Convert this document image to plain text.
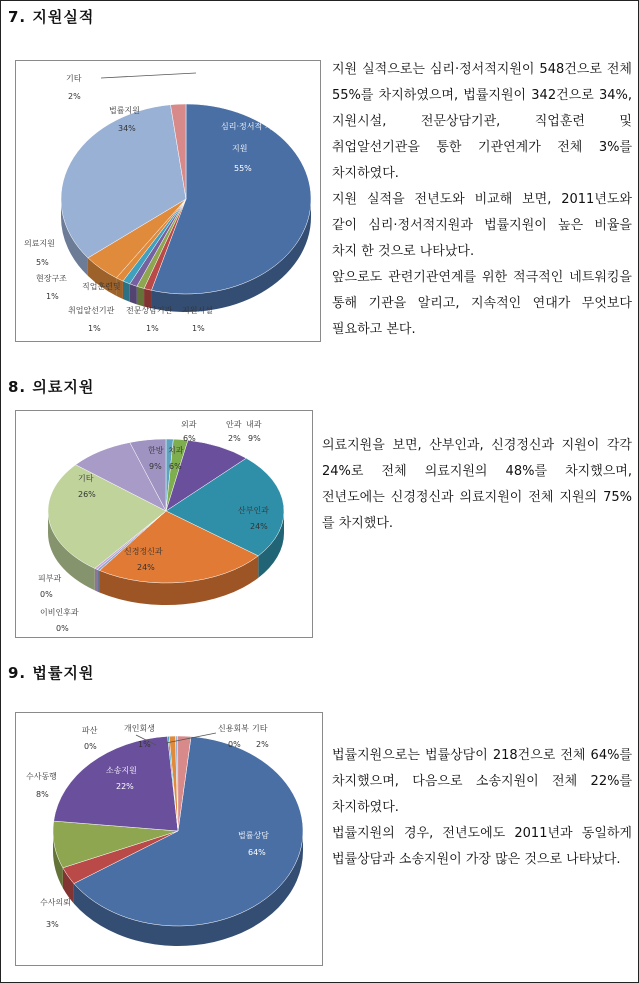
7. 지원실적
기타
2%
법률지원
34%	심리·정서적 지원
지원
55%
의료지원
5%
현장구조
1%
직업훈련및
취업알선기관
1%
전문상담기관
1%
지원시설
1%

지원 실적으로는 심리·정서적지원이 548건으로 전체 55%를 차지하였으며, 법률지원이 342건으로 34%, 지원시설, 전문상담기관, 직업훈련 및 취업알선기관을 통한 기관연계가 전체 3%를 차지하였다.

지원 실적을 전년도와 비교해 보면, 2011년도와 같이 심리·정서적지원과 법률지원이 높은 비율을 차지 한 것으로 나타났다.

앞으로도 관련기관연계를 위한 적극적인 네트워킹을 통해 기관을 알리고, 지속적인 연대가 무엇보다 필요하고 본다.

8. 의료지원
외과
6%
안과
2%
내과
9%
한방
9%
치과
6%
기타
26%
산부인과
24%
신경정신과
24%
피부과
0%
이비인후과
0%

의료지원을 보면, 산부인과, 신경정신과 지원이 각각 24%로 전체 의료지원의 48%를 차지했으며, 전년도에는 신경정신과 의료지원이 전체 지원의 75%를 차지했다.

9. 법률지원
파산
0%
개인회생
1%
신용회복
0%
기타
2%
수사동행
8%
소송지원
22%
법률상담
64%
수사의뢰
3%

법률지원으로는 법률상담이 218건으로 전체 64%를 차지했으며, 다음으로 소송지원이 전체 22%를 차지하였다.

법률지원의 경우, 전년도에도 2011년과 동일하게 법률상담과 소송지원이 가장 많은 것으로 나타났다.
